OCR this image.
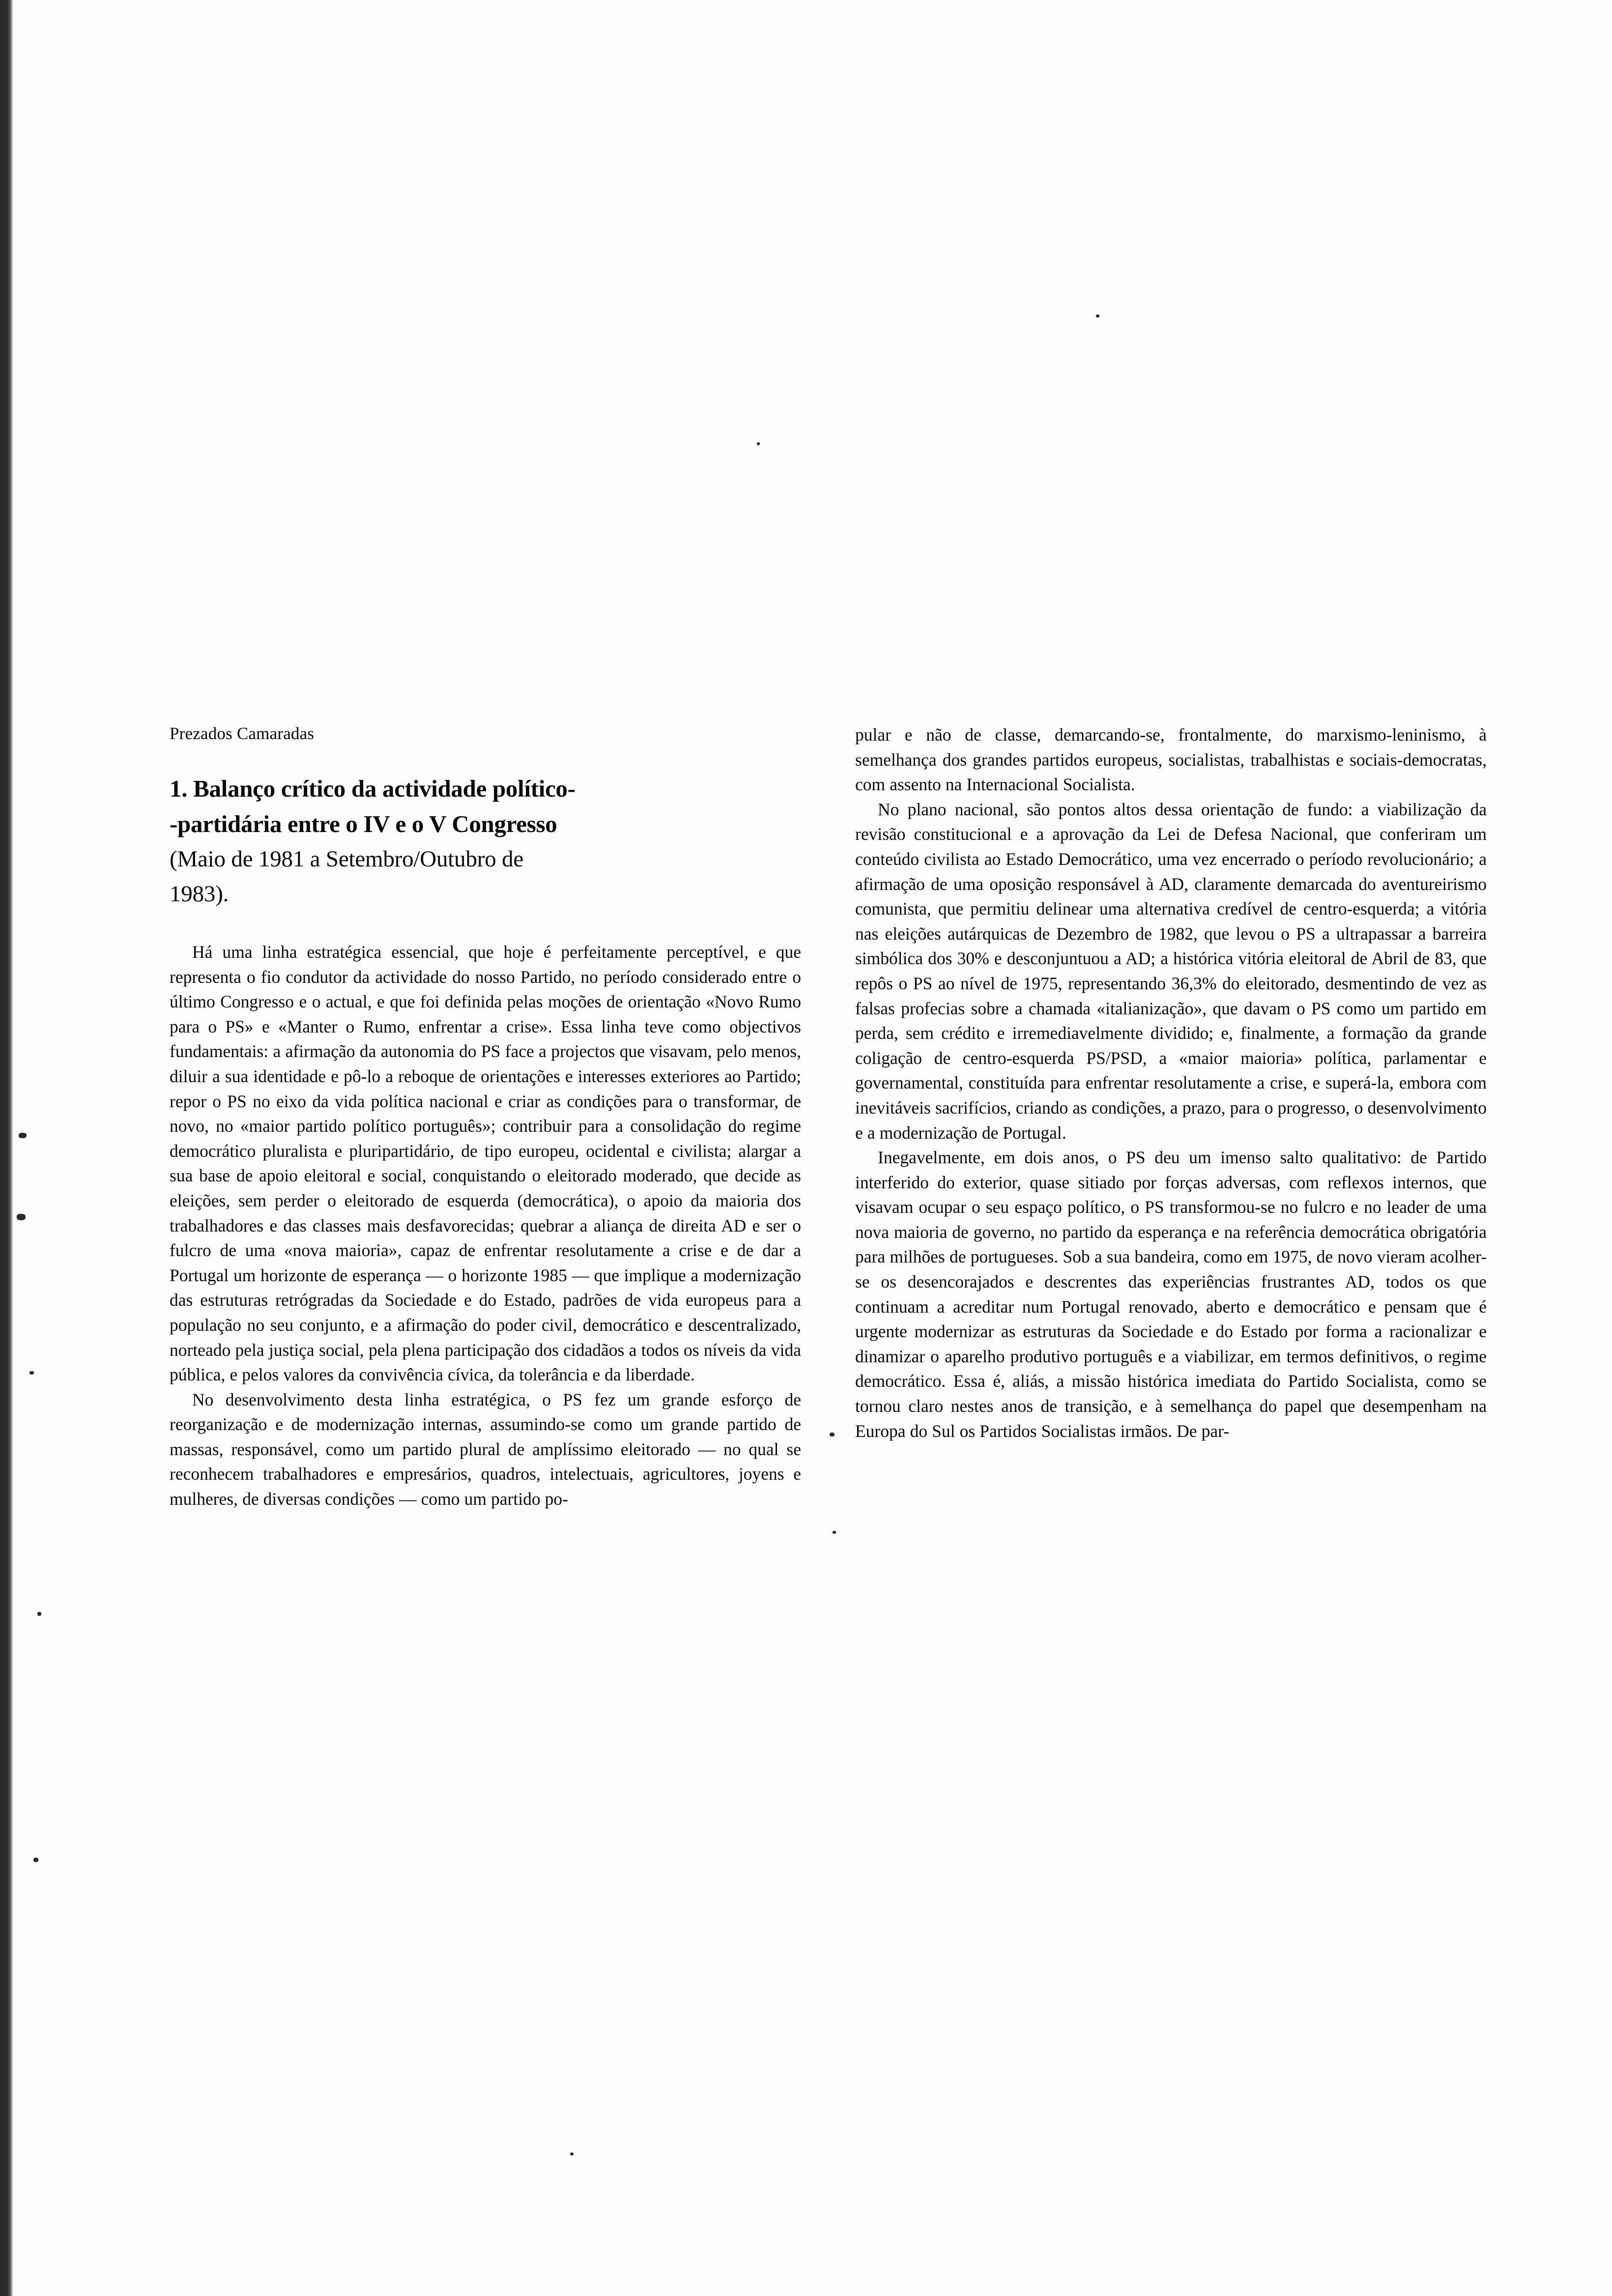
Prezados Camaradas

1. Balanço crítico da actividade político-
-partidária entre o IV e o V Congresso
(Maio de 1981 a Setembro/Outubro de
1983).

Há uma linha estratégica essencial, que hoje é perfeitamente perceptível, e que representa o fio condutor da actividade do nosso Partido, no período considerado entre o último Congresso e o actual, e que foi definida pelas moções de orientação «Novo Rumo para o PS» e «Manter o Rumo, enfrentar a crise». Essa linha teve como objectivos fundamentais: a afirmação da autonomia do PS face a projectos que visavam, pelo menos, diluir a sua identidade e pô-lo a reboque de orientações e interesses exteriores ao Partido; repor o PS no eixo da vida política nacional e criar as condições para o transformar, de novo, no «maior partido político português»; contribuir para a consolidação do regime democrático pluralista e pluripartidário, de tipo europeu, ocidental e civilista; alargar a sua base de apoio eleitoral e social, conquistando o eleitorado moderado, que decide as eleições, sem perder o eleitorado de esquerda (democrática), o apoio da maioria dos trabalhadores e das classes mais desfavorecidas; quebrar a aliança de direita AD e ser o fulcro de uma «nova maioria», capaz de enfrentar resolutamente a crise e de dar a Portugal um horizonte de esperança — o horizonte 1985 — que implique a modernização das estruturas retrógradas da Sociedade e do Estado, padrões de vida europeus para a população no seu conjunto, e a afirmação do poder civil, democrático e descentralizado, norteado pela justiça social, pela plena participação dos cidadãos a todos os níveis da vida pública, e pelos valores da convivência cívica, da tolerância e da liberdade.

No desenvolvimento desta linha estratégica, o PS fez um grande esforço de reorganização e de modernização internas, assumindo-se como um grande partido de massas, responsável, como um partido plural de amplíssimo eleitorado — no qual se reconhecem trabalhadores e empresários, quadros, intelectuais, agricultores, joyens e mulheres, de diversas condições — como um partido po-

pular e não de classe, demarcando-se, frontalmente, do marxismo-leninismo, à semelhança dos grandes partidos europeus, socialistas, trabalhistas e sociais-democratas, com assento na Internacional Socialista.

No plano nacional, são pontos altos dessa orientação de fundo: a viabilização da revisão constitucional e a aprovação da Lei de Defesa Nacional, que conferiram um conteúdo civilista ao Estado Democrático, uma vez encerrado o período revolucionário; a afirmação de uma oposição responsável à AD, claramente demarcada do aventureirismo comunista, que permitiu delinear uma alternativa credível de centro-esquerda; a vitória nas eleições autárquicas de Dezembro de 1982, que levou o PS a ultrapassar a barreira simbólica dos 30% e desconjuntuou a AD; a histórica vitória eleitoral de Abril de 83, que repôs o PS ao nível de 1975, representando 36,3% do eleitorado, desmentindo de vez as falsas profecias sobre a chamada «italianização», que davam o PS como um partido em perda, sem crédito e irremediavelmente dividido; e, finalmente, a formação da grande coligação de centro-esquerda PS/PSD, a «maior maioria» política, parlamentar e governamental, constituída para enfrentar resolutamente a crise, e superá-la, embora com inevitáveis sacrifícios, criando as condições, a prazo, para o progresso, o desenvolvimento e a modernização de Portugal.

Inegavelmente, em dois anos, o PS deu um imenso salto qualitativo: de Partido interferido do exterior, quase sitiado por forças adversas, com reflexos internos, que visavam ocupar o seu espaço político, o PS transformou-se no fulcro e no leader de uma nova maioria de governo, no partido da esperança e na referência democrática obrigatória para milhões de portugueses. Sob a sua bandeira, como em 1975, de novo vieram acolher-se os desencorajados e descrentes das experiências frustrantes AD, todos os que continuam a acreditar num Portugal renovado, aberto e democrático e pensam que é urgente modernizar as estruturas da Sociedade e do Estado por forma a racionalizar e dinamizar o aparelho produtivo português e a viabilizar, em termos definitivos, o regime democrático. Essa é, aliás, a missão histórica imediata do Partido Socialista, como se tornou claro nestes anos de transição, e à semelhança do papel que desempenham na Europa do Sul os Partidos Socialistas irmãos. De par-
